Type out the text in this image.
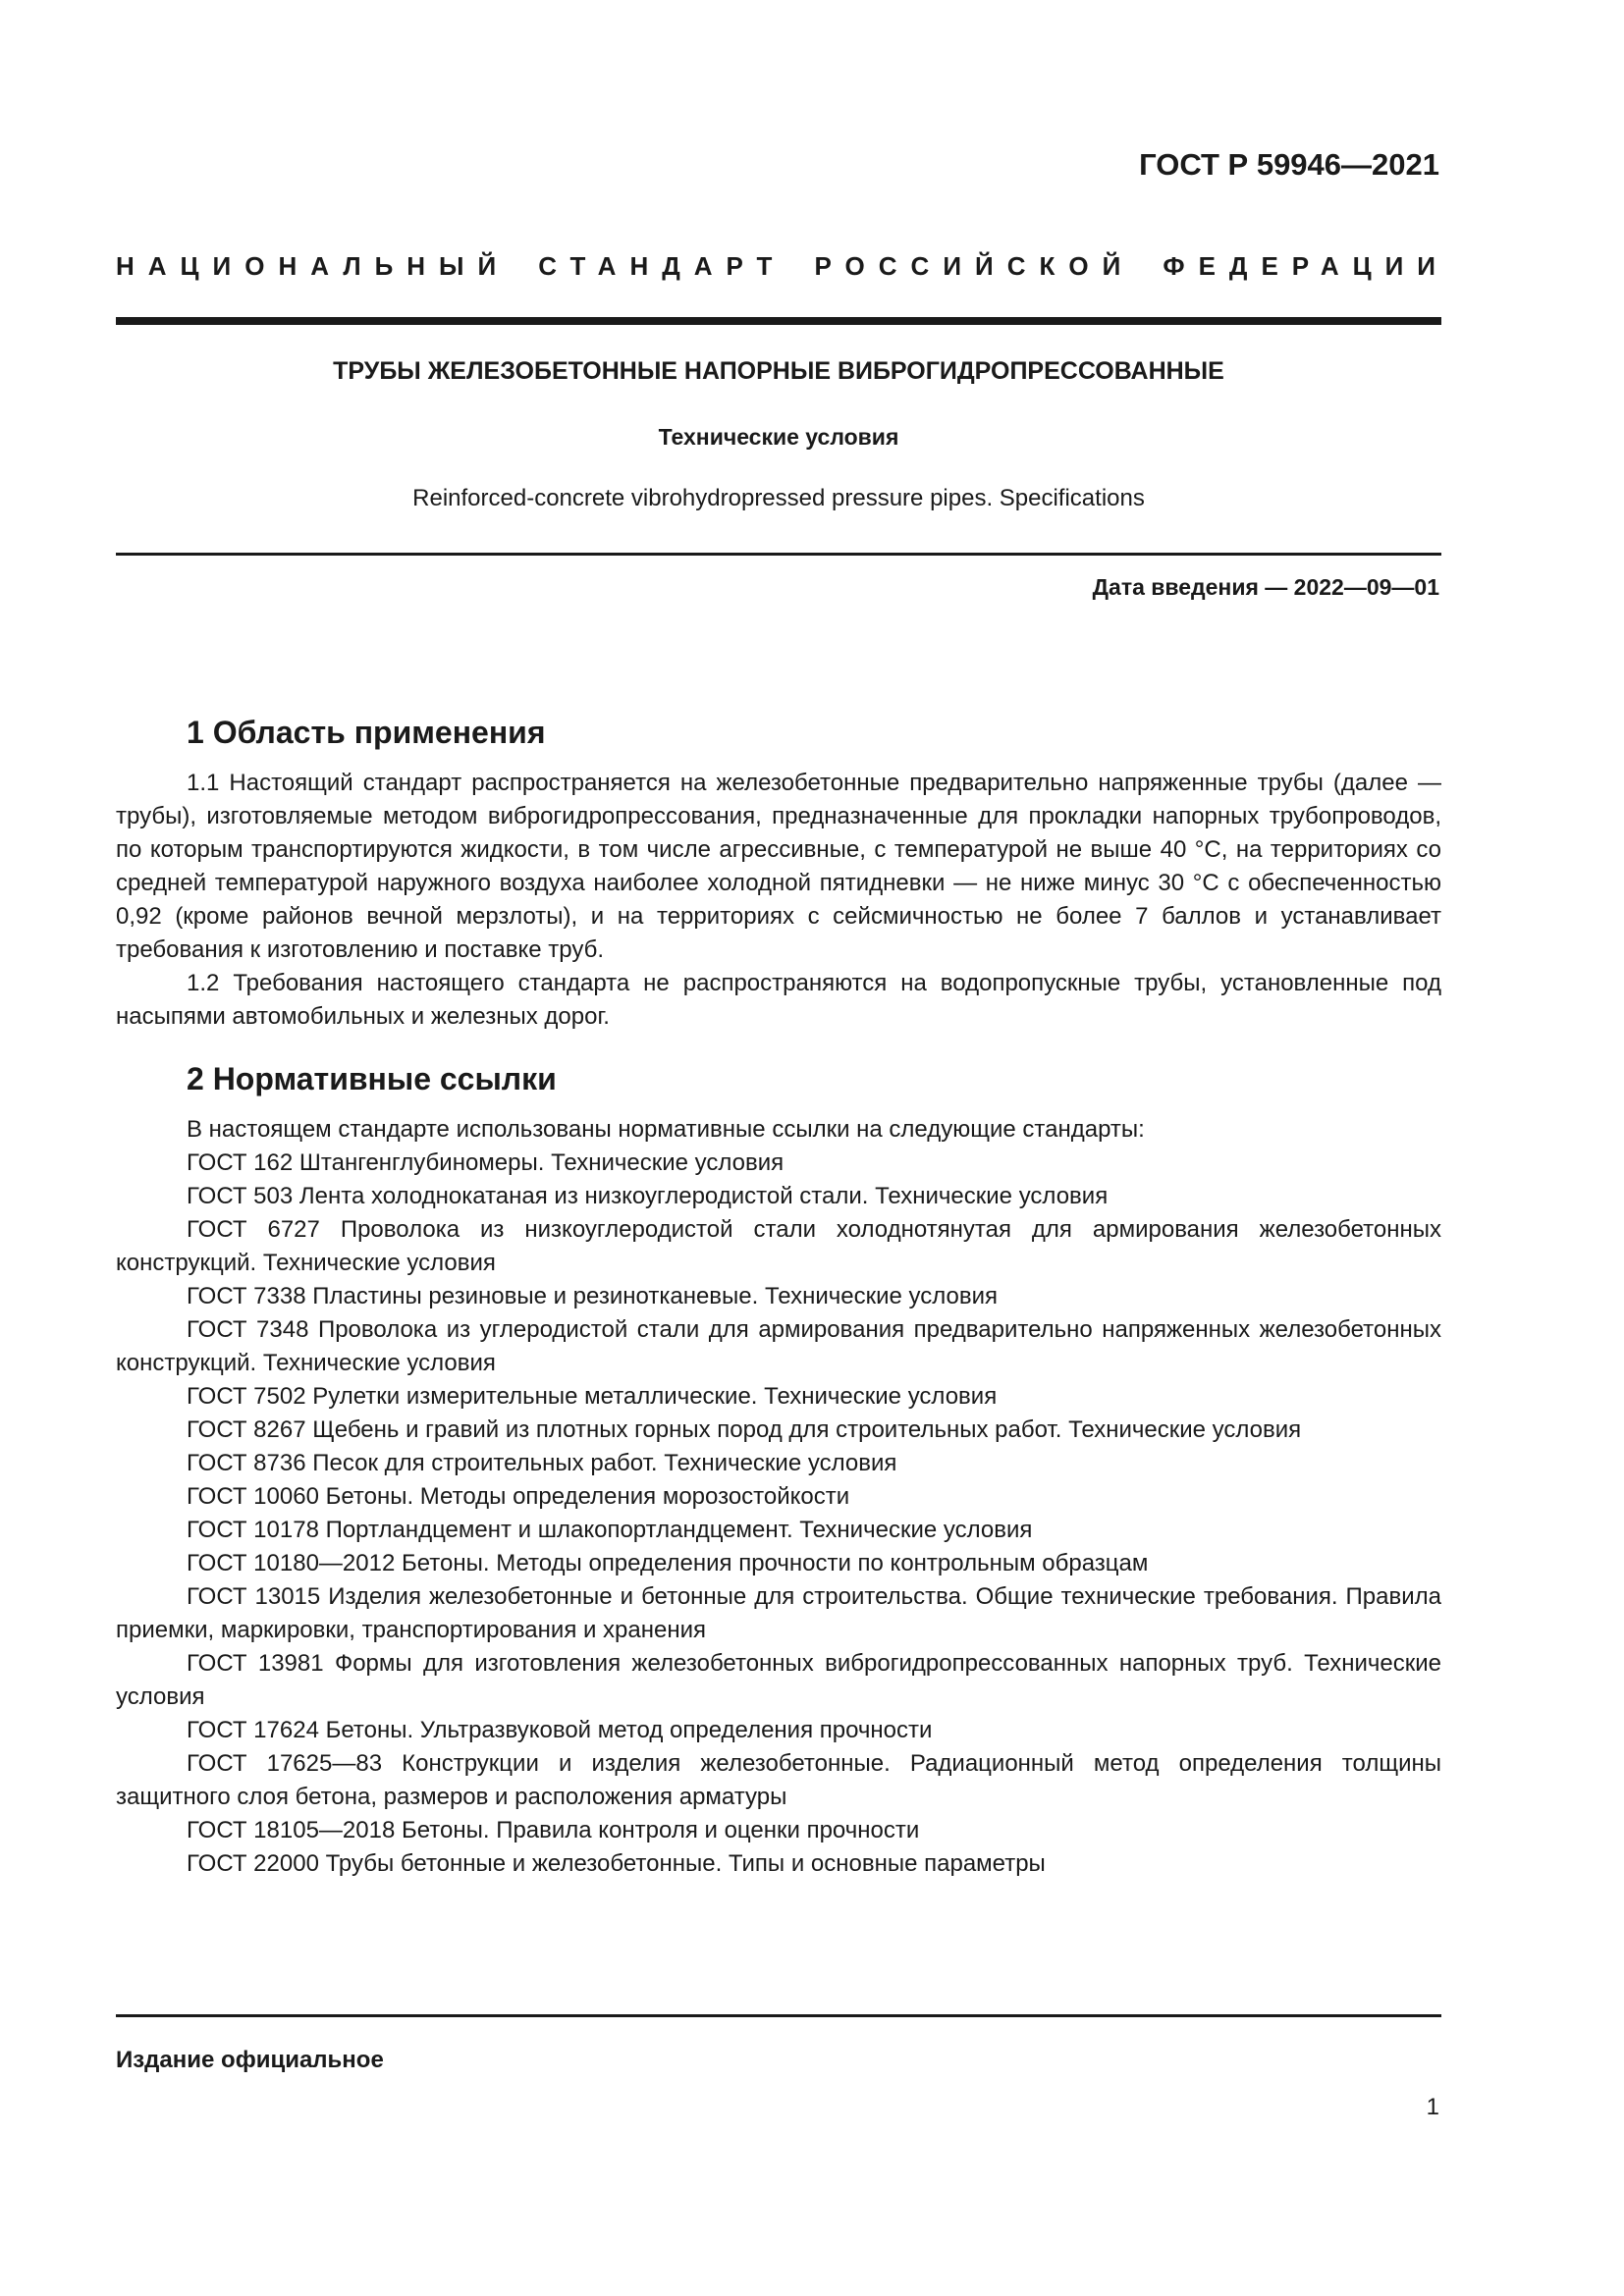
ГОСТ Р 59946—2021
НАЦИОНАЛЬНЫЙ СТАНДАРТ РОССИЙСКОЙ ФЕДЕРАЦИИ
ТРУБЫ ЖЕЛЕЗОБЕТОННЫЕ НАПОРНЫЕ ВИБРОГИДРОПРЕССОВАННЫЕ
Технические условия
Reinforced-concrete vibrohydropressed pressure pipes. Specifications
Дата введения — 2022—09—01
1 Область применения

1.1 Настоящий стандарт распространяется на железобетонные предварительно напряженные трубы (далее — трубы), изготовляемые методом виброгидропрессования, предназначенные для прокладки напорных трубопроводов, по которым транспортируются жидкости, в том числе агрессивные, с температурой не выше 40 °С, на территориях со средней температурой наружного воздуха наиболее холодной пятидневки — не ниже минус 30 °С с обеспеченностью 0,92 (кроме районов вечной мерзлоты), и на территориях с сейсмичностью не более 7 баллов и устанавливает требования к изготовлению и поставке труб.

1.2 Требования настоящего стандарта не распространяются на водопропускные трубы, установленные под насыпями автомобильных и железных дорог.

2 Нормативные ссылки

В настоящем стандарте использованы нормативные ссылки на следующие стандарты:

ГОСТ 162 Штангенглубиномеры. Технические условия

ГОСТ 503 Лента холоднокатаная из низкоуглеродистой стали. Технические условия

ГОСТ 6727 Проволока из низкоуглеродистой стали холоднотянутая для армирования железобетонных конструкций. Технические условия

ГОСТ 7338 Пластины резиновые и резинотканевые. Технические условия

ГОСТ 7348 Проволока из углеродистой стали для армирования предварительно напряженных железобетонных конструкций. Технические условия

ГОСТ 7502 Рулетки измерительные металлические. Технические условия

ГОСТ 8267 Щебень и гравий из плотных горных пород для строительных работ. Технические условия

ГОСТ 8736 Песок для строительных работ. Технические условия

ГОСТ 10060 Бетоны. Методы определения морозостойкости

ГОСТ 10178 Портландцемент и шлакопортландцемент. Технические условия

ГОСТ 10180—2012 Бетоны. Методы определения прочности по контрольным образцам

ГОСТ 13015 Изделия железобетонные и бетонные для строительства. Общие технические требования. Правила приемки, маркировки, транспортирования и хранения

ГОСТ 13981 Формы для изготовления железобетонных виброгидропрессованных напорных труб. Технические условия

ГОСТ 17624 Бетоны. Ультразвуковой метод определения прочности

ГОСТ 17625—83 Конструкции и изделия железобетонные. Радиационный метод определения толщины защитного слоя бетона, размеров и расположения арматуры

ГОСТ 18105—2018 Бетоны. Правила контроля и оценки прочности

ГОСТ 22000 Трубы бетонные и железобетонные. Типы и основные параметры

Издание официальное
1
